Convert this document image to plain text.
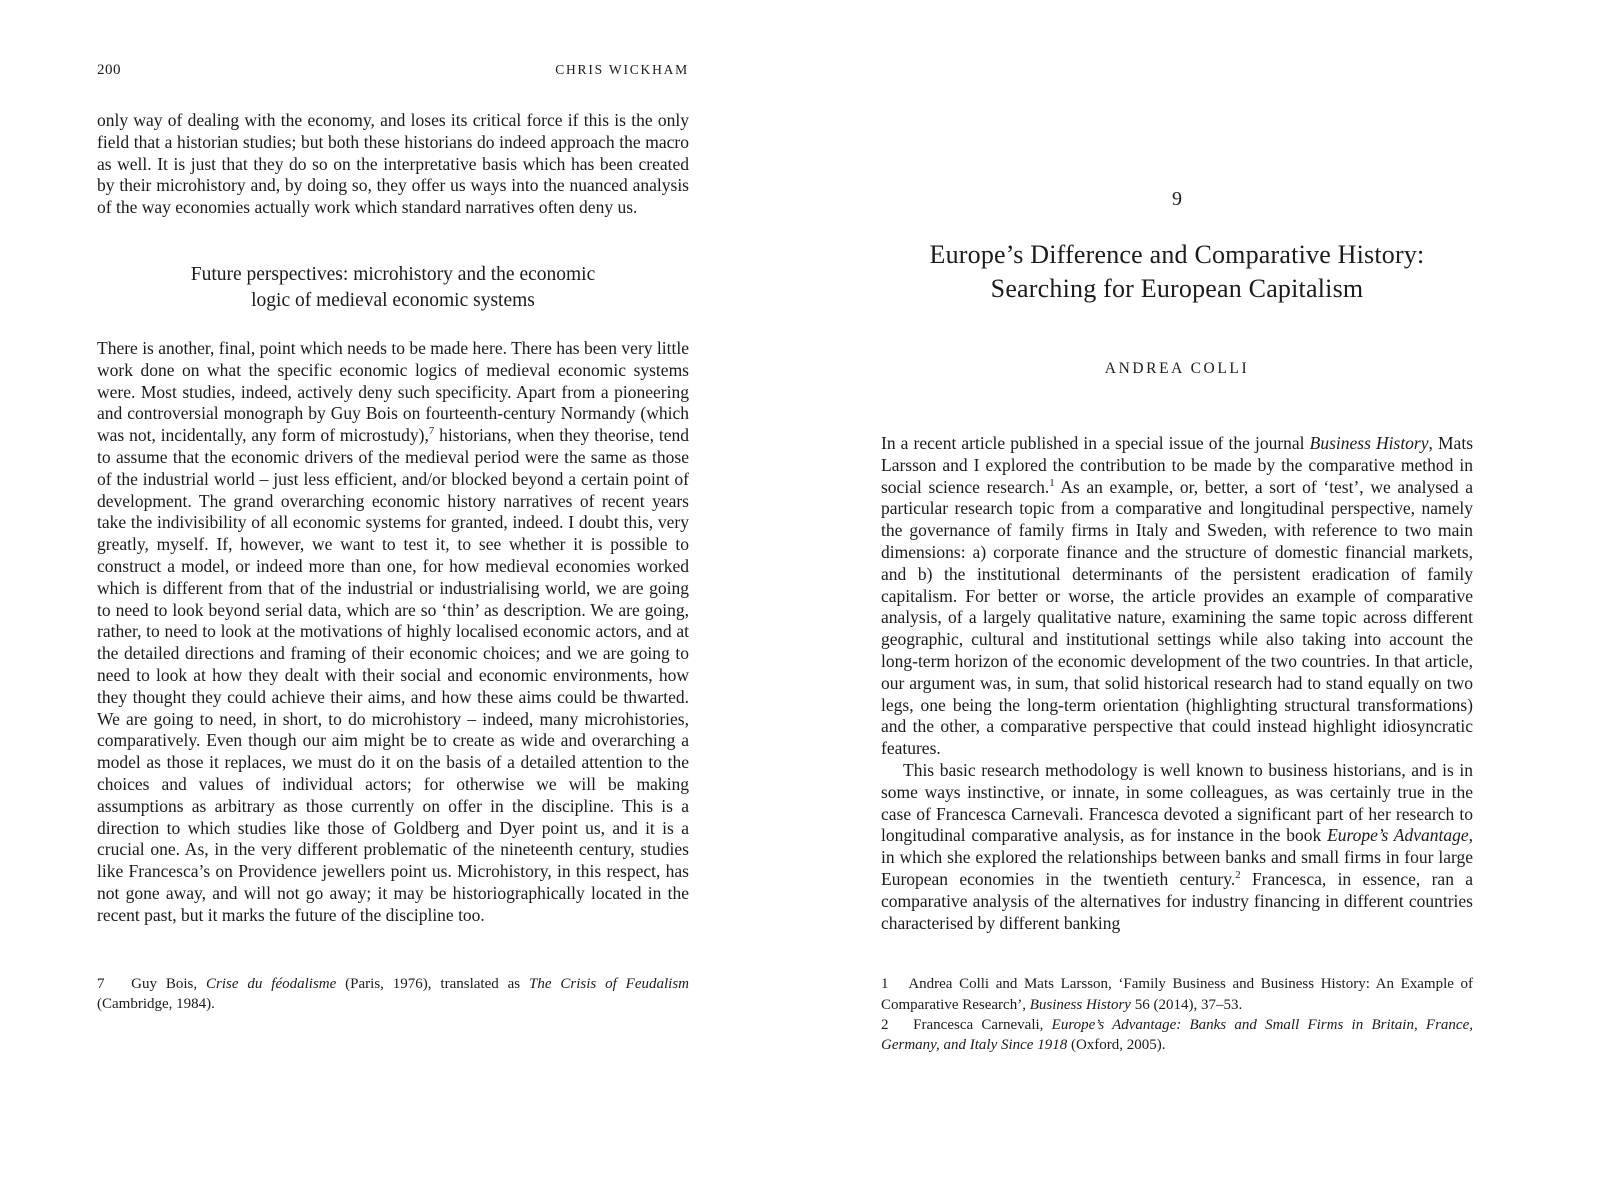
200	CHRIS WICKHAM

only way of dealing with the economy, and loses its critical force if this is the only field that a historian studies; but both these historians do indeed approach the macro as well. It is just that they do so on the interpretative basis which has been created by their microhistory and, by doing so, they offer us ways into the nuanced analysis of the way economies actually work which standard narratives often deny us.

Future perspectives: microhistory and the economic
logic of medieval economic systems

There is another, final, point which needs to be made here. There has been very little work done on what the specific economic logics of medieval economic systems were. Most studies, indeed, actively deny such specificity. Apart from a pioneering and controversial monograph by Guy Bois on fourteenth-century Normandy (which was not, incidentally, any form of microstudy),$^7$ historians, when they theorise, tend to assume that the economic drivers of the medieval period were the same as those of the industrial world – just less efficient, and/or blocked beyond a certain point of development. The grand overarching economic history narratives of recent years take the indivisibility of all economic systems for granted, indeed. I doubt this, very greatly, myself. If, however, we want to test it, to see whether it is possible to construct a model, or indeed more than one, for how medieval economies worked which is different from that of the industrial or industrialising world, we are going to need to look beyond serial data, which are so ‘thin’ as description. We are going, rather, to need to look at the motivations of highly localised economic actors, and at the detailed directions and framing of their economic choices; and we are going to need to look at how they dealt with their social and economic environments, how they thought they could achieve their aims, and how these aims could be thwarted. We are going to need, in short, to do microhistory – indeed, many microhistories, comparatively. Even though our aim might be to create as wide and overarching a model as those it replaces, we must do it on the basis of a detailed attention to the choices and values of individual actors; for otherwise we will be making assumptions as arbitrary as those currently on offer in the discipline. This is a direction to which studies like those of Goldberg and Dyer point us, and it is a crucial one. As, in the very different problematic of the nineteenth century, studies like Francesca’s on Providence jewellers point us. Microhistory, in this respect, has not gone away, and will not go away; it may be historiographically located in the recent past, but it marks the future of the discipline too.

7   Guy Bois, Crise du féodalisme (Paris, 1976), translated as The Crisis of Feudalism (Cambridge, 1984).

9
Europe’s Difference and Comparative History:
Searching for European Capitalism
ANDREA COLLI

In a recent article published in a special issue of the journal Business History, Mats Larsson and I explored the contribution to be made by the comparative method in social science research.$^1$ As an example, or, better, a sort of ‘test’, we analysed a particular research topic from a comparative and longitudinal perspective, namely the governance of family firms in Italy and Sweden, with reference to two main dimensions: a) corporate finance and the structure of domestic financial markets, and b) the institutional determinants of the persistent eradication of family capitalism. For better or worse, the article provides an example of comparative analysis, of a largely qualitative nature, examining the same topic across different geographic, cultural and institutional settings while also taking into account the long-term horizon of the economic development of the two countries. In that article, our argument was, in sum, that solid historical research had to stand equally on two legs, one being the long-term orientation (highlighting structural transformations) and the other, a comparative perspective that could instead highlight idiosyncratic features.

This basic research methodology is well known to business historians, and is in some ways instinctive, or innate, in some colleagues, as was certainly true in the case of Francesca Carnevali. Francesca devoted a significant part of her research to longitudinal comparative analysis, as for instance in the book Europe’s Advantage, in which she explored the relationships between banks and small firms in four large European economies in the twentieth century.$^2$ Francesca, in essence, ran a comparative analysis of the alternatives for industry financing in different countries characterised by different banking

1   Andrea Colli and Mats Larsson, ‘Family Business and Business History: An Example of Comparative Research’, Business History 56 (2014), 37–53.

2   Francesca Carnevali, Europe’s Advantage: Banks and Small Firms in Britain, France, Germany, and Italy Since 1918 (Oxford, 2005).
